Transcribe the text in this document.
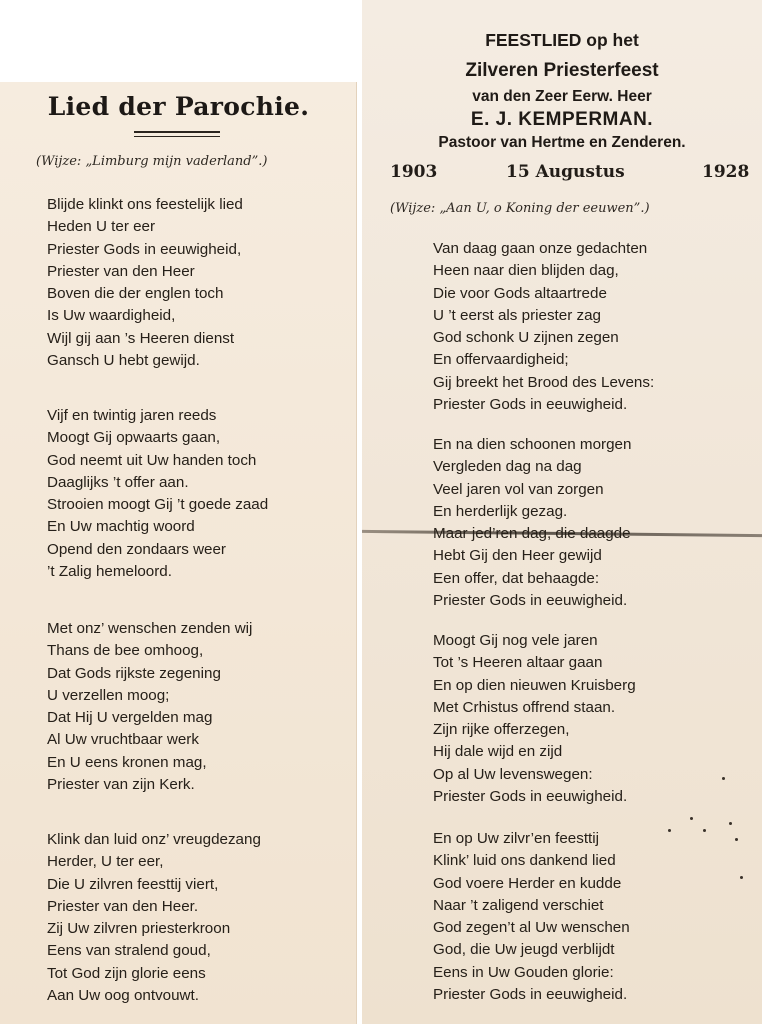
Lied der Parochie.
(Wijze: „Limburg mijn vaderland”.)
Blijde klinkt ons feestelijk lied
Heden U ter eer
Priester Gods in eeuwigheid,
Priester van den Heer
Boven die der englen toch
Is Uw waardigheid,
Wijl gij aan ’s Heeren dienst
Gansch U hebt gewijd.
Vijf en twintig jaren reeds
Moogt Gij opwaarts gaan,
God neemt uit Uw handen toch
Daaglijks ’t offer aan.
Strooien moogt Gij ’t goede zaad
En Uw machtig woord
Opend den zondaars weer
’t Zalig hemeloord.
Met onz’ wenschen zenden wij
Thans de bee omhoog,
Dat Gods rijkste zegening
U verzellen moog;
Dat Hij U vergelden mag
Al Uw vruchtbaar werk
En U eens kronen mag,
Priester van zijn Kerk.
Klink dan luid onz’ vreugdezang
Herder, U ter eer,
Die U zilvren feesttij viert,
Priester van den Heer.
Zij Uw zilvren priesterkroon
Eens van stralend goud,
Tot God zijn glorie eens
Aan Uw oog ontvouwt.
FEESTLIED op het
Zilveren Priesterfeest
van den Zeer Eerw. Heer
E. J. KEMPERMAN.
Pastoor van Hertme en Zenderen.
1903	15 Augustus	1928
(Wijze: „Aan U, o Koning der eeuwen”.)
Van daag gaan onze gedachten
Heen naar dien blijden dag,
Die voor Gods altaartrede
U ’t eerst als priester zag
God schonk U zijnen zegen
En offervaardigheid;
Gij breekt het Brood des Levens:
Priester Gods in eeuwigheid.
En na dien schoonen morgen
Vergleden dag na dag
Veel jaren vol van zorgen
En herderlijk gezag.
Maar jed’ren dag, die daagde
Hebt Gij den Heer gewijd
Een offer, dat behaagde:
Priester Gods in eeuwigheid.
Moogt Gij nog vele jaren
Tot ’s Heeren altaar gaan
En op dien nieuwen Kruisberg
Met Crhistus offrend staan.
Zijn rijke offerzegen,
Hij dale wijd en zijd
Op al Uw levenswegen:
Priester Gods in eeuwigheid.
En op Uw zilvr’en feesttij
Klink’ luid ons dankend lied
God voere Herder en kudde
Naar ’t zaligend verschiet
God zegen’t al Uw wenschen
God, die Uw jeugd verblijdt
Eens in Uw Gouden glorie:
Priester Gods in eeuwigheid.
